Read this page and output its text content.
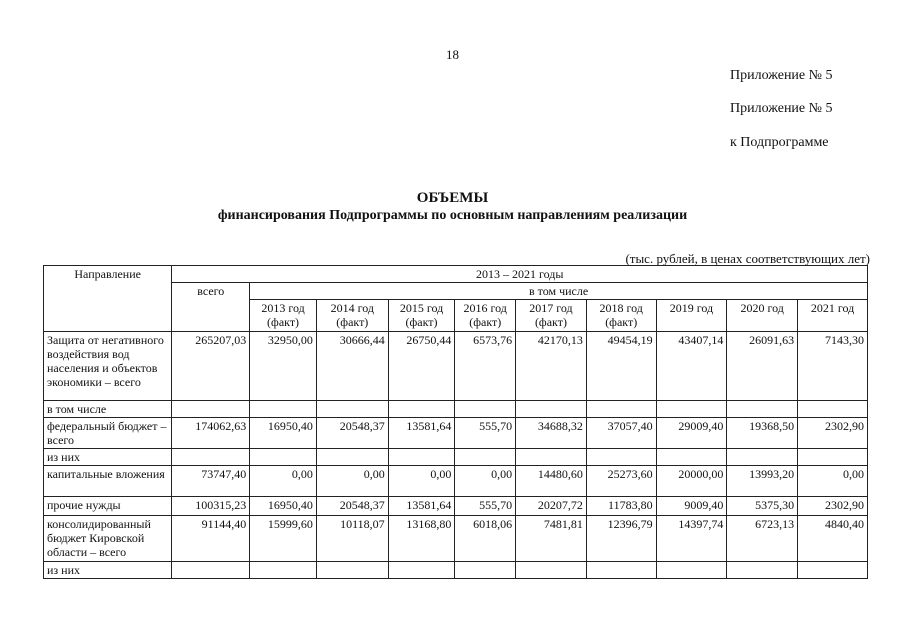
18
Приложение № 5
Приложение № 5
к Подпрограмме
ОБЪЕМЫ
финансирования Подпрограммы по основным направлениям реализации
(тыс. рублей, в ценах соответствующих лет)
Направление	2013 – 2021 годы									
	всего	в том числе								
		2013 год (факт)	2014 год (факт)	2015 год (факт)	2016 год (факт)	2017 год (факт)	2018 год (факт)	2019 год	2020 год	2021 год
Защита от негативного воздействия вод населения и объектов экономики – всего	265207,03	32950,00	30666,44	26750,44	6573,76	42170,13	49454,19	43407,14	26091,63	7143,30
в том числе										
федеральный бюджет – всего	174062,63	16950,40	20548,37	13581,64	555,70	34688,32	37057,40	29009,40	19368,50	2302,90
из них										
капитальные вложения	73747,40	0,00	0,00	0,00	0,00	14480,60	25273,60	20000,00	13993,20	0,00
прочие нужды	100315,23	16950,40	20548,37	13581,64	555,70	20207,72	11783,80	9009,40	5375,30	2302,90
консолидированный бюджет Кировской области – всего	91144,40	15999,60	10118,07	13168,80	6018,06	7481,81	12396,79	14397,74	6723,13	4840,40
из них										
